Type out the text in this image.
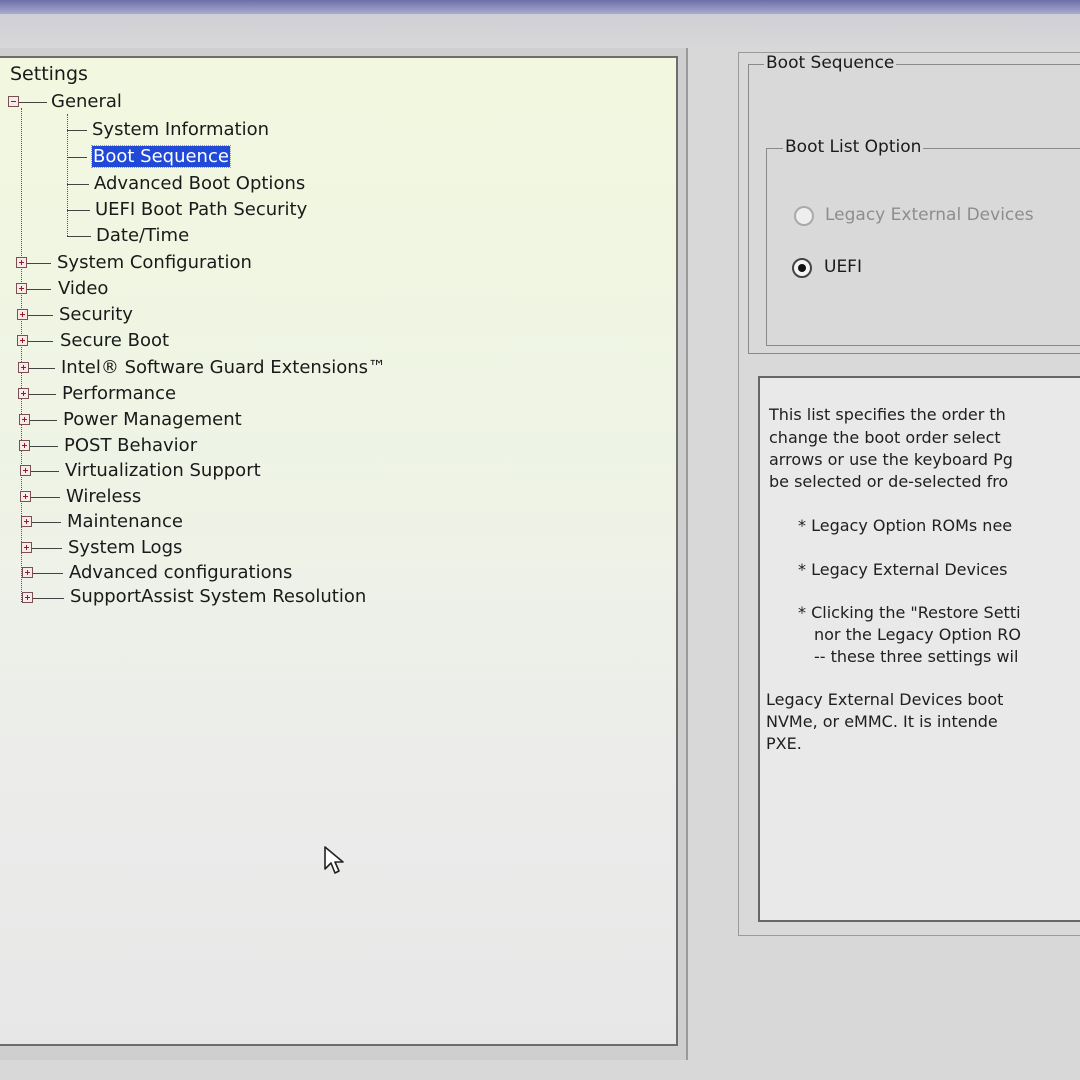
Settings
General
System Information
Boot Sequence
Advanced Boot Options
UEFI Boot Path Security
Date/Time
System Configuration
Video
Security
Secure Boot
Intel® Software Guard Extensions™
Performance
Power Management
POST Behavior
Virtualization Support
Wireless
Maintenance
System Logs
Advanced configurations
SupportAssist System Resolution
Boot Sequence
Boot List Option
Legacy External Devices
UEFI
This list specifies the order th
change the boot order select
arrows or use the keyboard Pg
be selected or de-selected fro
* Legacy Option ROMs nee
* Legacy External Devices
* Clicking the "Restore Setti
nor the Legacy Option RO
-- these three settings wil
Legacy External Devices boot
NVMe, or eMMC. It is intende
PXE.
